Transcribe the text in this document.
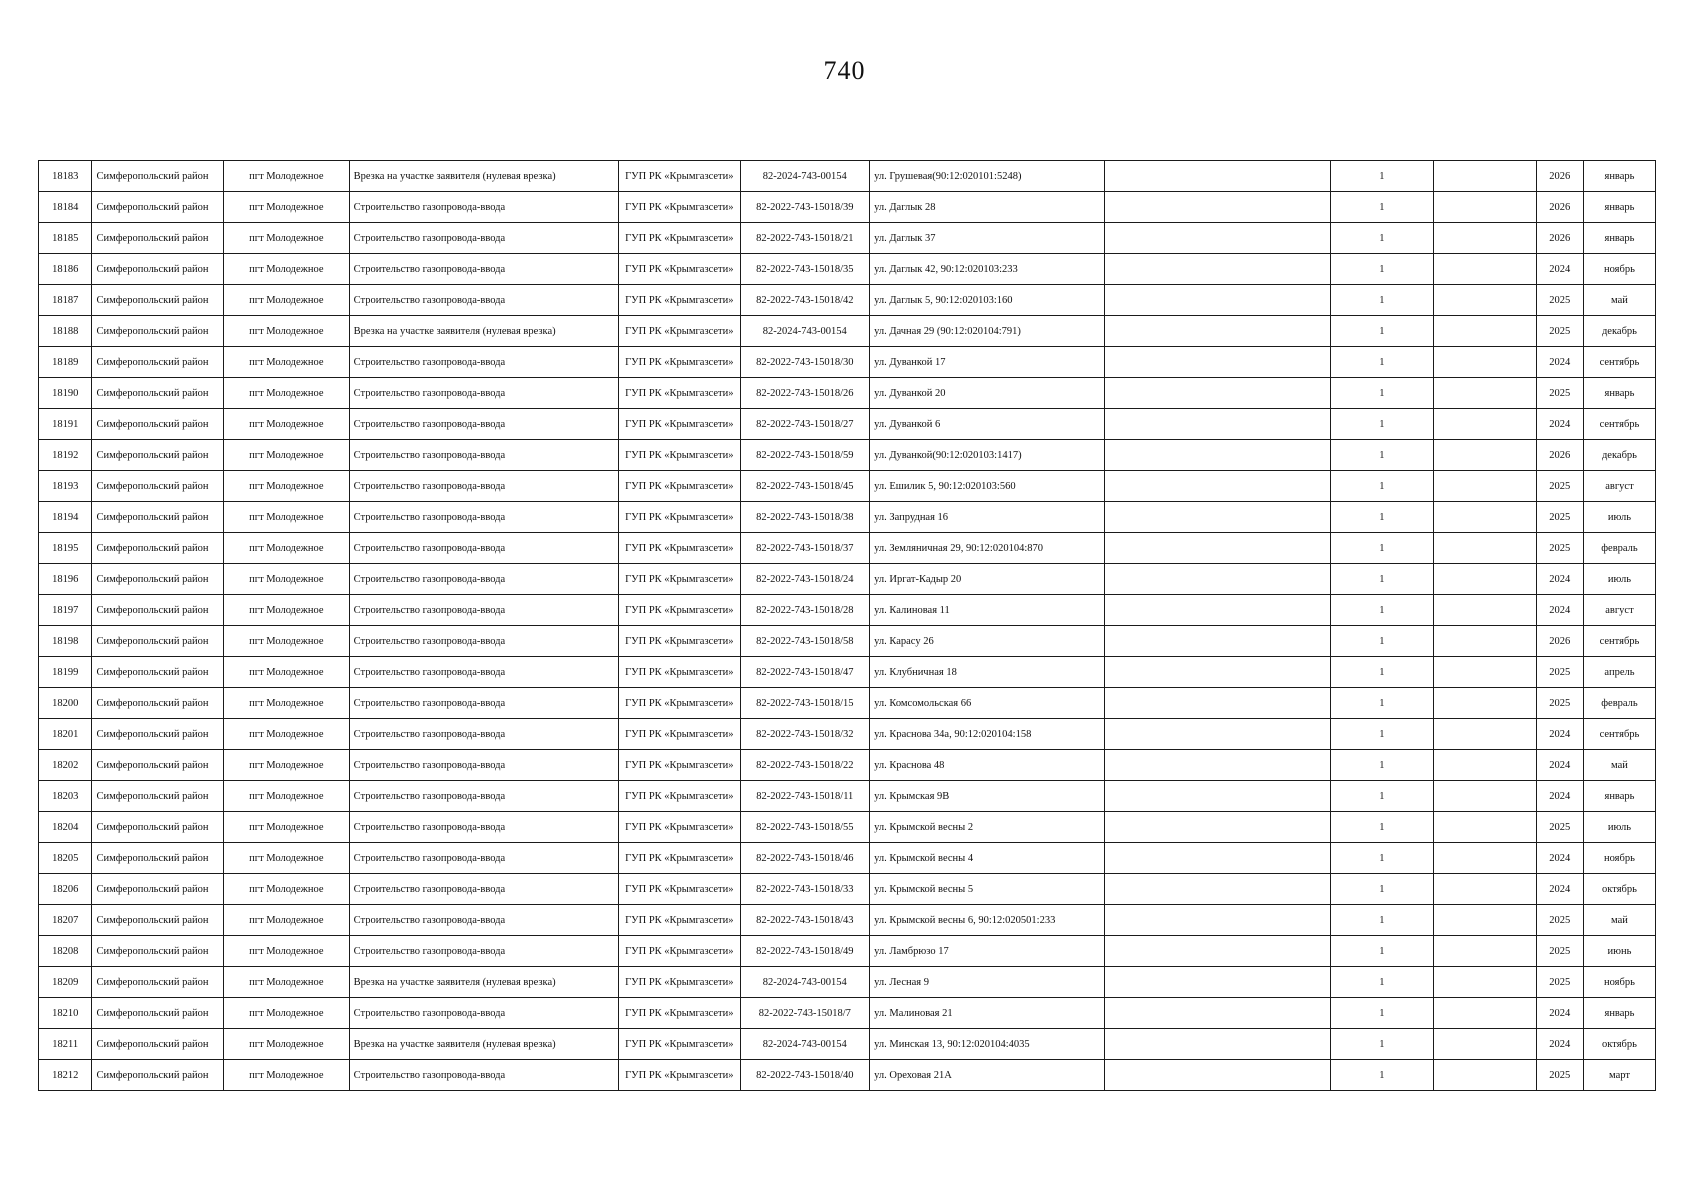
740
18183	Симферопольский район	пгт Молодежное	Врезка на участке заявителя (нулевая врезка)	ГУП РК «Крымгазсети»	82-2024-743-00154	ул. Грушевая(90:12:020101:5248)		1		2026	январь
18184	Симферопольский район	пгт Молодежное	Строительство газопровода-ввода	ГУП РК «Крымгазсети»	82-2022-743-15018/39	ул. Даглык 28		1		2026	январь
18185	Симферопольский район	пгт Молодежное	Строительство газопровода-ввода	ГУП РК «Крымгазсети»	82-2022-743-15018/21	ул. Даглык 37		1		2026	январь
18186	Симферопольский район	пгт Молодежное	Строительство газопровода-ввода	ГУП РК «Крымгазсети»	82-2022-743-15018/35	ул. Даглык 42, 90:12:020103:233		1		2024	ноябрь
18187	Симферопольский район	пгт Молодежное	Строительство газопровода-ввода	ГУП РК «Крымгазсети»	82-2022-743-15018/42	ул. Даглык 5, 90:12:020103:160		1		2025	май
18188	Симферопольский район	пгт Молодежное	Врезка на участке заявителя (нулевая врезка)	ГУП РК «Крымгазсети»	82-2024-743-00154	ул. Дачная 29 (90:12:020104:791)		1		2025	декабрь
18189	Симферопольский район	пгт Молодежное	Строительство газопровода-ввода	ГУП РК «Крымгазсети»	82-2022-743-15018/30	ул. Дуванкой 17		1		2024	сентябрь
18190	Симферопольский район	пгт Молодежное	Строительство газопровода-ввода	ГУП РК «Крымгазсети»	82-2022-743-15018/26	ул. Дуванкой 20		1		2025	январь
18191	Симферопольский район	пгт Молодежное	Строительство газопровода-ввода	ГУП РК «Крымгазсети»	82-2022-743-15018/27	ул. Дуванкой 6		1		2024	сентябрь
18192	Симферопольский район	пгт Молодежное	Строительство газопровода-ввода	ГУП РК «Крымгазсети»	82-2022-743-15018/59	ул. Дуванкой(90:12:020103:1417)		1		2026	декабрь
18193	Симферопольский район	пгт Молодежное	Строительство газопровода-ввода	ГУП РК «Крымгазсети»	82-2022-743-15018/45	ул. Ешилик 5, 90:12:020103:560		1		2025	август
18194	Симферопольский район	пгт Молодежное	Строительство газопровода-ввода	ГУП РК «Крымгазсети»	82-2022-743-15018/38	ул. Запрудная 16		1		2025	июль
18195	Симферопольский район	пгт Молодежное	Строительство газопровода-ввода	ГУП РК «Крымгазсети»	82-2022-743-15018/37	ул. Земляничная 29, 90:12:020104:870		1		2025	февраль
18196	Симферопольский район	пгт Молодежное	Строительство газопровода-ввода	ГУП РК «Крымгазсети»	82-2022-743-15018/24	ул. Иргат-Кадыр 20		1		2024	июль
18197	Симферопольский район	пгт Молодежное	Строительство газопровода-ввода	ГУП РК «Крымгазсети»	82-2022-743-15018/28	ул. Калиновая 11		1		2024	август
18198	Симферопольский район	пгт Молодежное	Строительство газопровода-ввода	ГУП РК «Крымгазсети»	82-2022-743-15018/58	ул. Карасу 26		1		2026	сентябрь
18199	Симферопольский район	пгт Молодежное	Строительство газопровода-ввода	ГУП РК «Крымгазсети»	82-2022-743-15018/47	ул. Клубничная 18		1		2025	апрель
18200	Симферопольский район	пгт Молодежное	Строительство газопровода-ввода	ГУП РК «Крымгазсети»	82-2022-743-15018/15	ул. Комсомольская 66		1		2025	февраль
18201	Симферопольский район	пгт Молодежное	Строительство газопровода-ввода	ГУП РК «Крымгазсети»	82-2022-743-15018/32	ул. Краснова 34а, 90:12:020104:158		1		2024	сентябрь
18202	Симферопольский район	пгт Молодежное	Строительство газопровода-ввода	ГУП РК «Крымгазсети»	82-2022-743-15018/22	ул. Краснова 48		1		2024	май
18203	Симферопольский район	пгт Молодежное	Строительство газопровода-ввода	ГУП РК «Крымгазсети»	82-2022-743-15018/11	ул. Крымская 9В		1		2024	январь
18204	Симферопольский район	пгт Молодежное	Строительство газопровода-ввода	ГУП РК «Крымгазсети»	82-2022-743-15018/55	ул. Крымской весны 2		1		2025	июль
18205	Симферопольский район	пгт Молодежное	Строительство газопровода-ввода	ГУП РК «Крымгазсети»	82-2022-743-15018/46	ул. Крымской весны 4		1		2024	ноябрь
18206	Симферопольский район	пгт Молодежное	Строительство газопровода-ввода	ГУП РК «Крымгазсети»	82-2022-743-15018/33	ул. Крымской весны 5		1		2024	октябрь
18207	Симферопольский район	пгт Молодежное	Строительство газопровода-ввода	ГУП РК «Крымгазсети»	82-2022-743-15018/43	ул. Крымской весны 6, 90:12:020501:233		1		2025	май
18208	Симферопольский район	пгт Молодежное	Строительство газопровода-ввода	ГУП РК «Крымгазсети»	82-2022-743-15018/49	ул. Ламбрюзо 17		1		2025	июнь
18209	Симферопольский район	пгт Молодежное	Врезка на участке заявителя (нулевая врезка)	ГУП РК «Крымгазсети»	82-2024-743-00154	ул. Лесная 9		1		2025	ноябрь
18210	Симферопольский район	пгт Молодежное	Строительство газопровода-ввода	ГУП РК «Крымгазсети»	82-2022-743-15018/7	ул. Малиновая 21		1		2024	январь
18211	Симферопольский район	пгт Молодежное	Врезка на участке заявителя (нулевая врезка)	ГУП РК «Крымгазсети»	82-2024-743-00154	ул. Минская 13, 90:12:020104:4035		1		2024	октябрь
18212	Симферопольский район	пгт Молодежное	Строительство газопровода-ввода	ГУП РК «Крымгазсети»	82-2022-743-15018/40	ул. Ореховая 21А		1		2025	март
